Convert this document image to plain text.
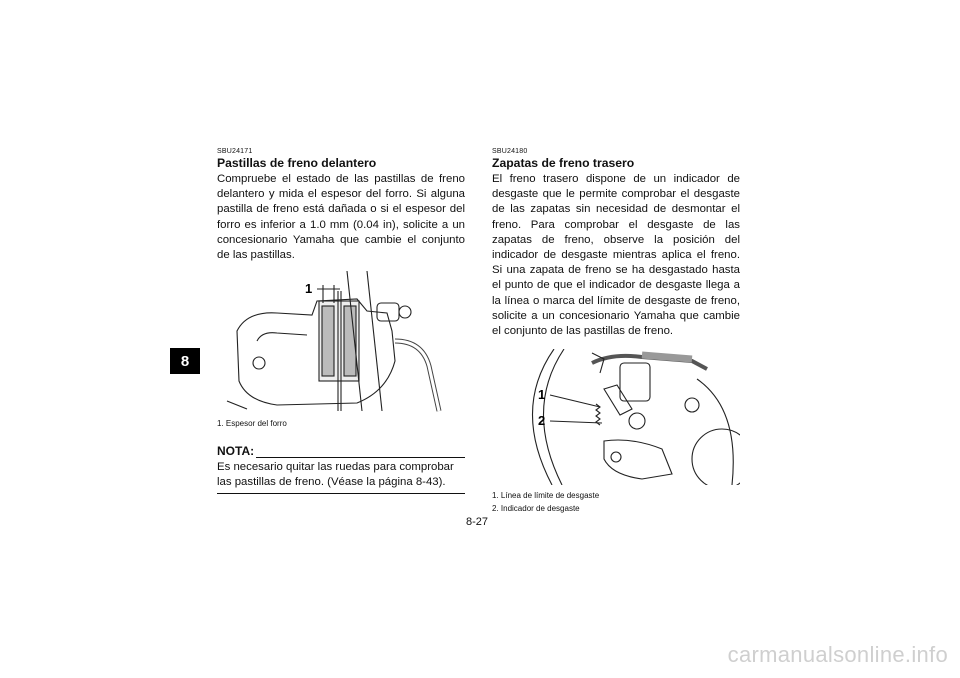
8
SBU24171
Pastillas de freno delantero

Compruebe el estado de las pastillas de freno delantero y mida el espesor del forro. Si alguna pastilla de freno está dañada o si el espesor del forro es inferior a 1.0 mm (0.04 in), solicite a un concesionario Yamaha que cambie el conjunto de las pastillas.

1
1. Espesor del forro
NOTA:

Es necesario quitar las ruedas para comprobar las pastillas de freno. (Véase la página 8-43).

SBU24180
Zapatas de freno trasero

El freno trasero dispone de un indicador de desgaste que le permite comprobar el desgaste de las zapatas sin necesidad de desmontar el freno. Para comprobar el desgaste de las zapatas de freno, observe la posición del indicador de desgaste mientras aplica el freno. Si una zapata de freno se ha desgastado hasta el punto de que el indicador de desgaste llega a la línea o marca del límite de desgaste de freno, solicite a un concesionario Yamaha que cambie el conjunto de las pastillas de freno.

1
2
1. Línea de límite de desgaste
2. Indicador de desgaste
8-27
carmanualsonline.info
